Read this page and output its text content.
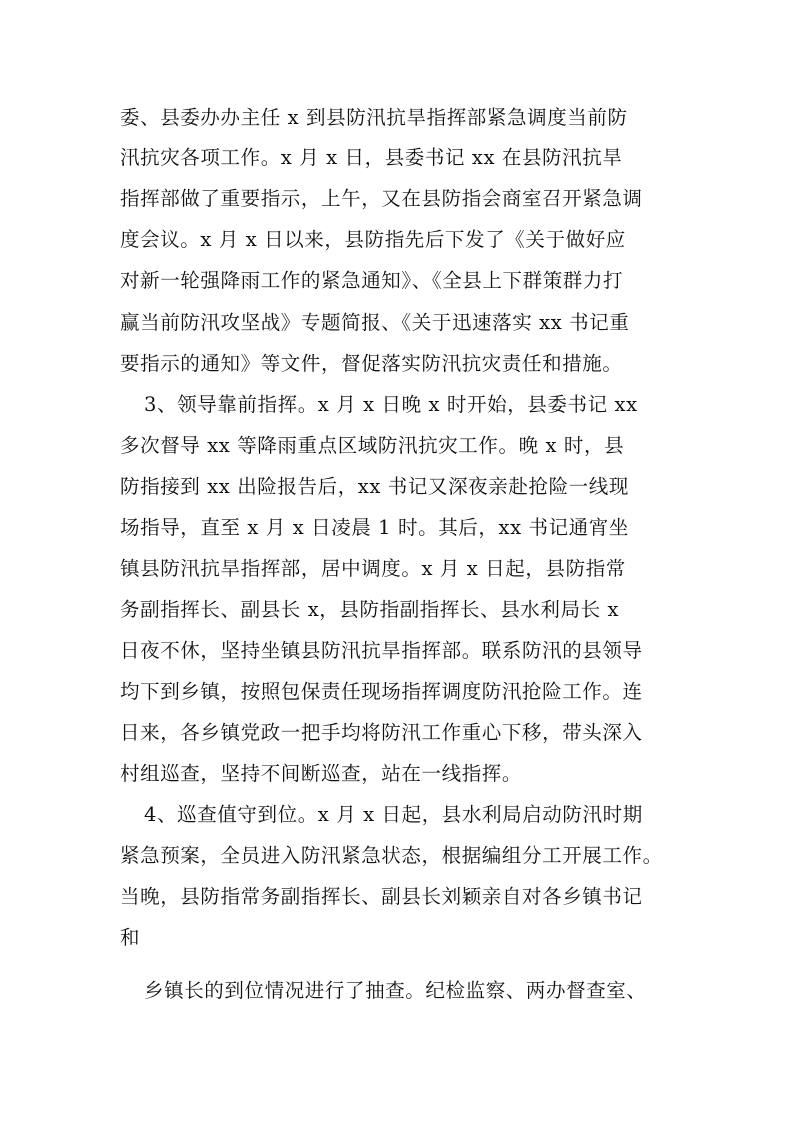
委、县委办办主任 x 到县防汛抗旱指挥部紧急调度当前防
汛抗灾各项工作。x 月 x 日，县委书记 xx 在县防汛抗旱
指挥部做了重要指示，上午，又在县防指会商室召开紧急调
度会议。x 月 x 日以来，县防指先后下发了《关于做好应
对新一轮强降雨工作的紧急通知》、《全县上下群策群力打
赢当前防汛攻坚战》专题简报、《关于迅速落实 xx 书记重
要指示的通知》等文件，督促落实防汛抗灾责任和措施。
3、领导靠前指挥。x 月 x 日晚 x 时开始，县委书记 xx
多次督导 xx 等降雨重点区域防汛抗灾工作。晚 x 时，县
防指接到 xx 出险报告后，xx 书记又深夜亲赴抢险一线现
场指导，直至 x 月 x 日凌晨 1 时。其后，xx 书记通宵坐
镇县防汛抗旱指挥部，居中调度。x 月 x 日起，县防指常
务副指挥长、副县长 x，县防指副指挥长、县水利局长 x
日夜不休，坚持坐镇县防汛抗旱指挥部。联系防汛的县领导
均下到乡镇，按照包保责任现场指挥调度防汛抢险工作。连
日来，各乡镇党政一把手均将防汛工作重心下移，带头深入
村组巡查，坚持不间断巡查，站在一线指挥。
4、巡查值守到位。x 月 x 日起，县水利局启动防汛时期
紧急预案，全员进入防汛紧急状态，根据编组分工开展工作。
当晚，县防指常务副指挥长、副县长刘颖亲自对各乡镇书记
和
乡镇长的到位情况进行了抽查。纪检监察、两办督查室、
